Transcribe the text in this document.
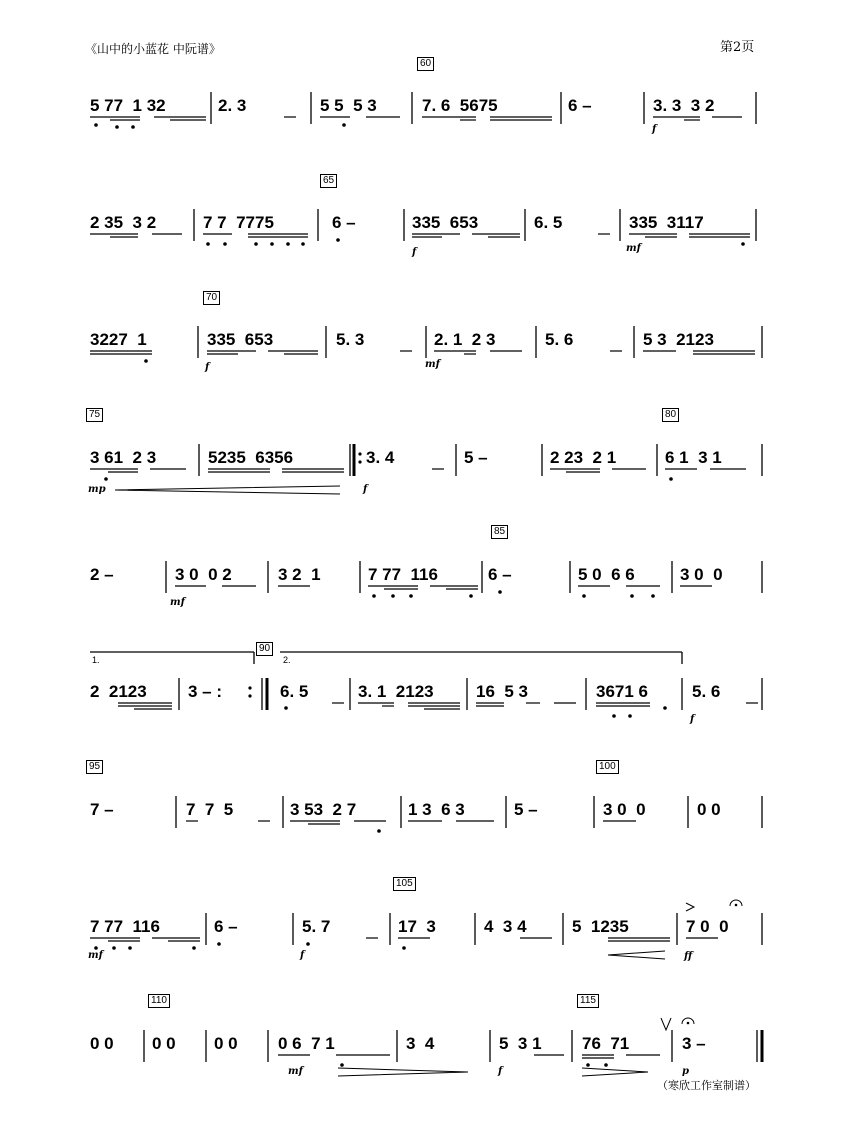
《山中的小蓝花 中阮谱》	第2页
（寒欣工作室制谱）
60
65
70
75	80
85
90
95	100
105
110	115
5 77  1 32	2. 3	5 5  5 3	7. 6  5675	6 –	3. 3  3 2
f
2 35  3 2	7 7  7775	6 –	335  653	6. 5	335  3117
f	mf
3227  1	335  653	5. 3	2. 1  2 3	5. 6	5 3  2123
f	mf
3 61  2 3	5235  6356	3. 4	5 –	2 23  2 1	6 1  3 1
mp	f
2 –	3 0  0 2	3 2  1	7 77  116	6 –	5 0  6 6	3 0  0
mf
1.	2.
2  2123 3 – :	6. 5	3. 1  2123 16  5 3	3671 6	5. 6
f
7 –	7  7  5	3 53  2 7	1 3  6 3	5 –	3 0  0	0 0
7 77  116	6 –	5. 7	17  3	4  3 4	5  1235	7 0  0
mf	f	ff
0 0 0 0 0 0 0 6  7 1	3  4	5  3 1 76  71	3 –
mf	f	p
